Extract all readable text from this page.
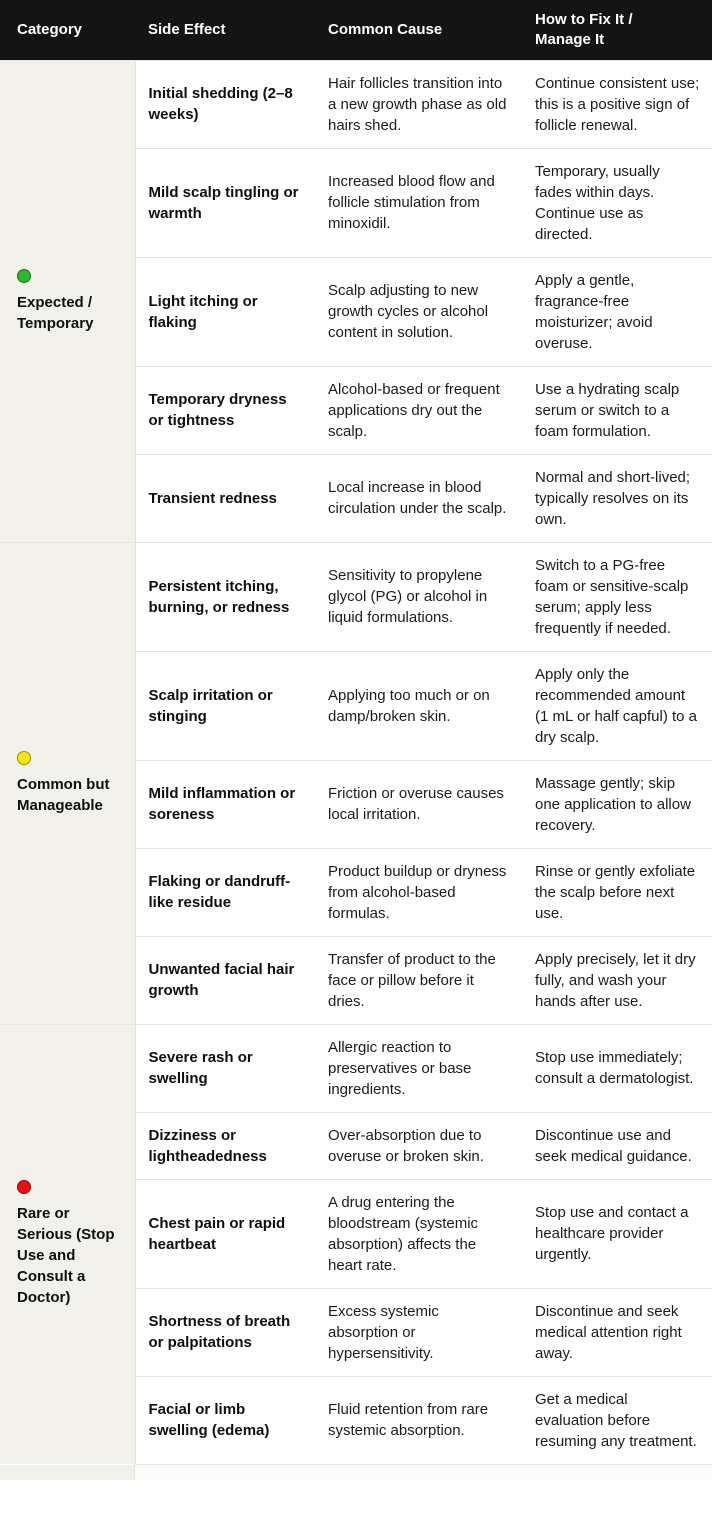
Category	Side Effect	Common Cause	How to Fix It / Manage It

Expected / Temporary	Initial shedding (2–8 weeks)	Hair follicles transition into a new growth phase as old hairs shed.	Continue consistent use; this is a positive sign of follicle renewal.
	Mild scalp tingling or warmth	Increased blood flow and follicle stimulation from minoxidil.	Temporary, usually fades within days. Continue use as directed.
	Light itching or flaking	Scalp adjusting to new growth cycles or alcohol content in solution.	Apply a gentle, fragrance-free moisturizer; avoid overuse.
	Temporary dryness or tightness	Alcohol-based or frequent applications dry out the scalp.	Use a hydrating scalp serum or switch to a foam formulation.
	Transient redness	Local increase in blood circulation under the scalp.	Normal and short-lived; typically resolves on its own.

Common but Manageable	Persistent itching, burning, or redness	Sensitivity to propylene glycol (PG) or alcohol in liquid formulations.	Switch to a PG-free foam or sensitive-scalp serum; apply less frequently if needed.
	Scalp irritation or stinging	Applying too much or on damp/broken skin.	Apply only the recommended amount (1 mL or half capful) to a dry scalp.
	Mild inflammation or soreness	Friction or overuse causes local irritation.	Massage gently; skip one application to allow recovery.
	Flaking or dandruff-like residue	Product buildup or dryness from alcohol-based formulas.	Rinse or gently exfoliate the scalp before next use.
	Unwanted facial hair growth	Transfer of product to the face or pillow before it dries.	Apply precisely, let it dry fully, and wash your hands after use.

Rare or Serious (Stop Use and Consult a Doctor)	Severe rash or swelling	Allergic reaction to preservatives or base ingredients.	Stop use immediately; consult a dermatologist.
	Dizziness or lightheadedness	Over-absorption due to overuse or broken skin.	Discontinue use and seek medical guidance.
	Chest pain or rapid heartbeat	A drug entering the bloodstream (systemic absorption) affects the heart rate.	Stop use and contact a healthcare provider urgently.
	Shortness of breath or palpitations	Excess systemic absorption or hypersensitivity.	Discontinue and seek medical attention right away.
	Facial or limb swelling (edema)	Fluid retention from rare systemic absorption.	Get a medical evaluation before resuming any treatment.
